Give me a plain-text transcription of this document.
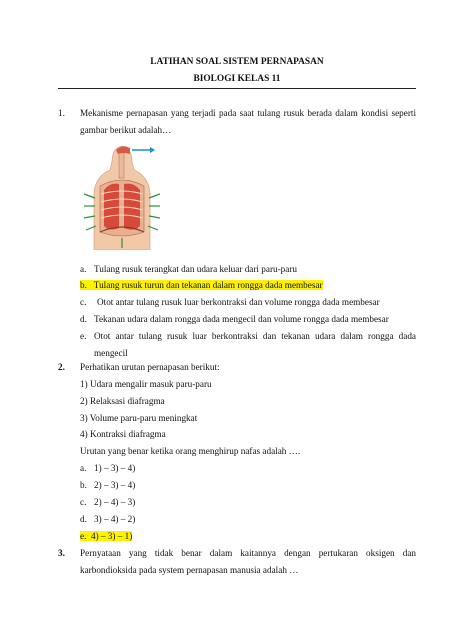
LATIHAN SOAL SISTEM PERNAPASAN
BIOLOGI KELAS 11
1. Mekanisme pernapasan yang terjadi pada saat tulang rusuk berada dalam kondisi seperti
gambar berikut adalah…
a. Tulang rusuk terangkat dan udara keluar dari paru-paru
b. Tulang rusuk turun dan tekanan dalam rongga dada membesar
c. Otot antar tulang rusuk luar berkontraksi dan volume rongga dada membesar
d. Tekanan udara dalam rongga dada mengecil dan volume rongga dada membesar
e. Otot antar tulang rusuk luar berkontraksi dan tekanan udara dalam rongga dada
mengecil
2. Perhatikan urutan pernapasan berikut:
1) Udara mengalir masuk paru-paru
2) Relaksasi diafragma
3) Volume paru-paru meningkat
4) Kontraksi diafragma
Urutan yang benar ketika orang menghirup nafas adalah ….
a. 1) – 3) – 4)
b. 2) – 3) – 4)
c. 2) – 4) – 3)
d. 3) – 4) – 2)
e. 4) – 3) – 1)
3. Pernyataan yang tidak benar dalam kaitannya dengan pertukaran oksigen dan
karbondioksida pada system pernapasan manusia adalah …
